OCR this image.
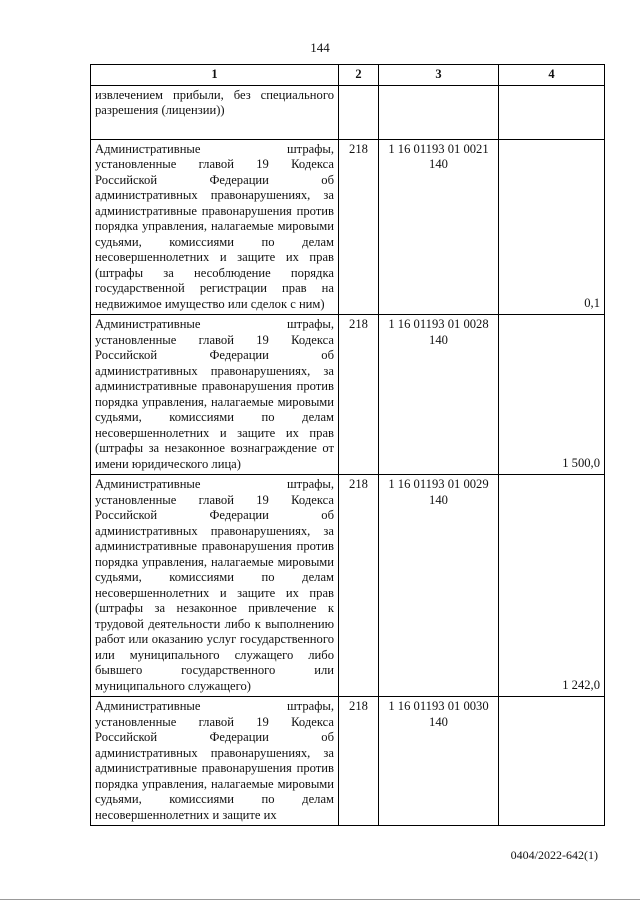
144
1	2	3	4
извлечением прибыли, без специального разрешения (лицензии))			
Административные штрафы, установленные главой 19 Кодекса Российской Федерации об административных правонарушениях, за административные правонарушения против порядка управления, налагаемые мировыми судьями, комиссиями по делам несовершеннолетних и защите их прав (штрафы за несоблюдение порядка государственной регистрации прав на недвижимое имущество или сделок с ним)	218	1 16 01193 01 0021 140	0,1
Административные штрафы, установленные главой 19 Кодекса Российской Федерации об административных правонарушениях, за административные правонарушения против порядка управления, налагаемые мировыми судьями, комиссиями по делам несовершеннолетних и защите их прав (штрафы за незаконное вознаграждение от имени юридического лица)	218	1 16 01193 01 0028 140	1 500,0
Административные штрафы, установленные главой 19 Кодекса Российской Федерации об административных правонарушениях, за административные правонарушения против порядка управления, налагаемые мировыми судьями, комиссиями по делам несовершеннолетних и защите их прав (штрафы за незаконное привлечение к трудовой деятельности либо к выполнению работ или оказанию услуг государственного или муниципального служащего либо бывшего государственного или муниципального служащего)	218	1 16 01193 01 0029 140	1 242,0
Административные штрафы, установленные главой 19 Кодекса Российской Федерации об административных правонарушениях, за административные правонарушения против порядка управления, налагаемые мировыми судьями, комиссиями по делам несовершеннолетних и защите их	218	1 16 01193 01 0030 140	
0404/2022-642(1)
